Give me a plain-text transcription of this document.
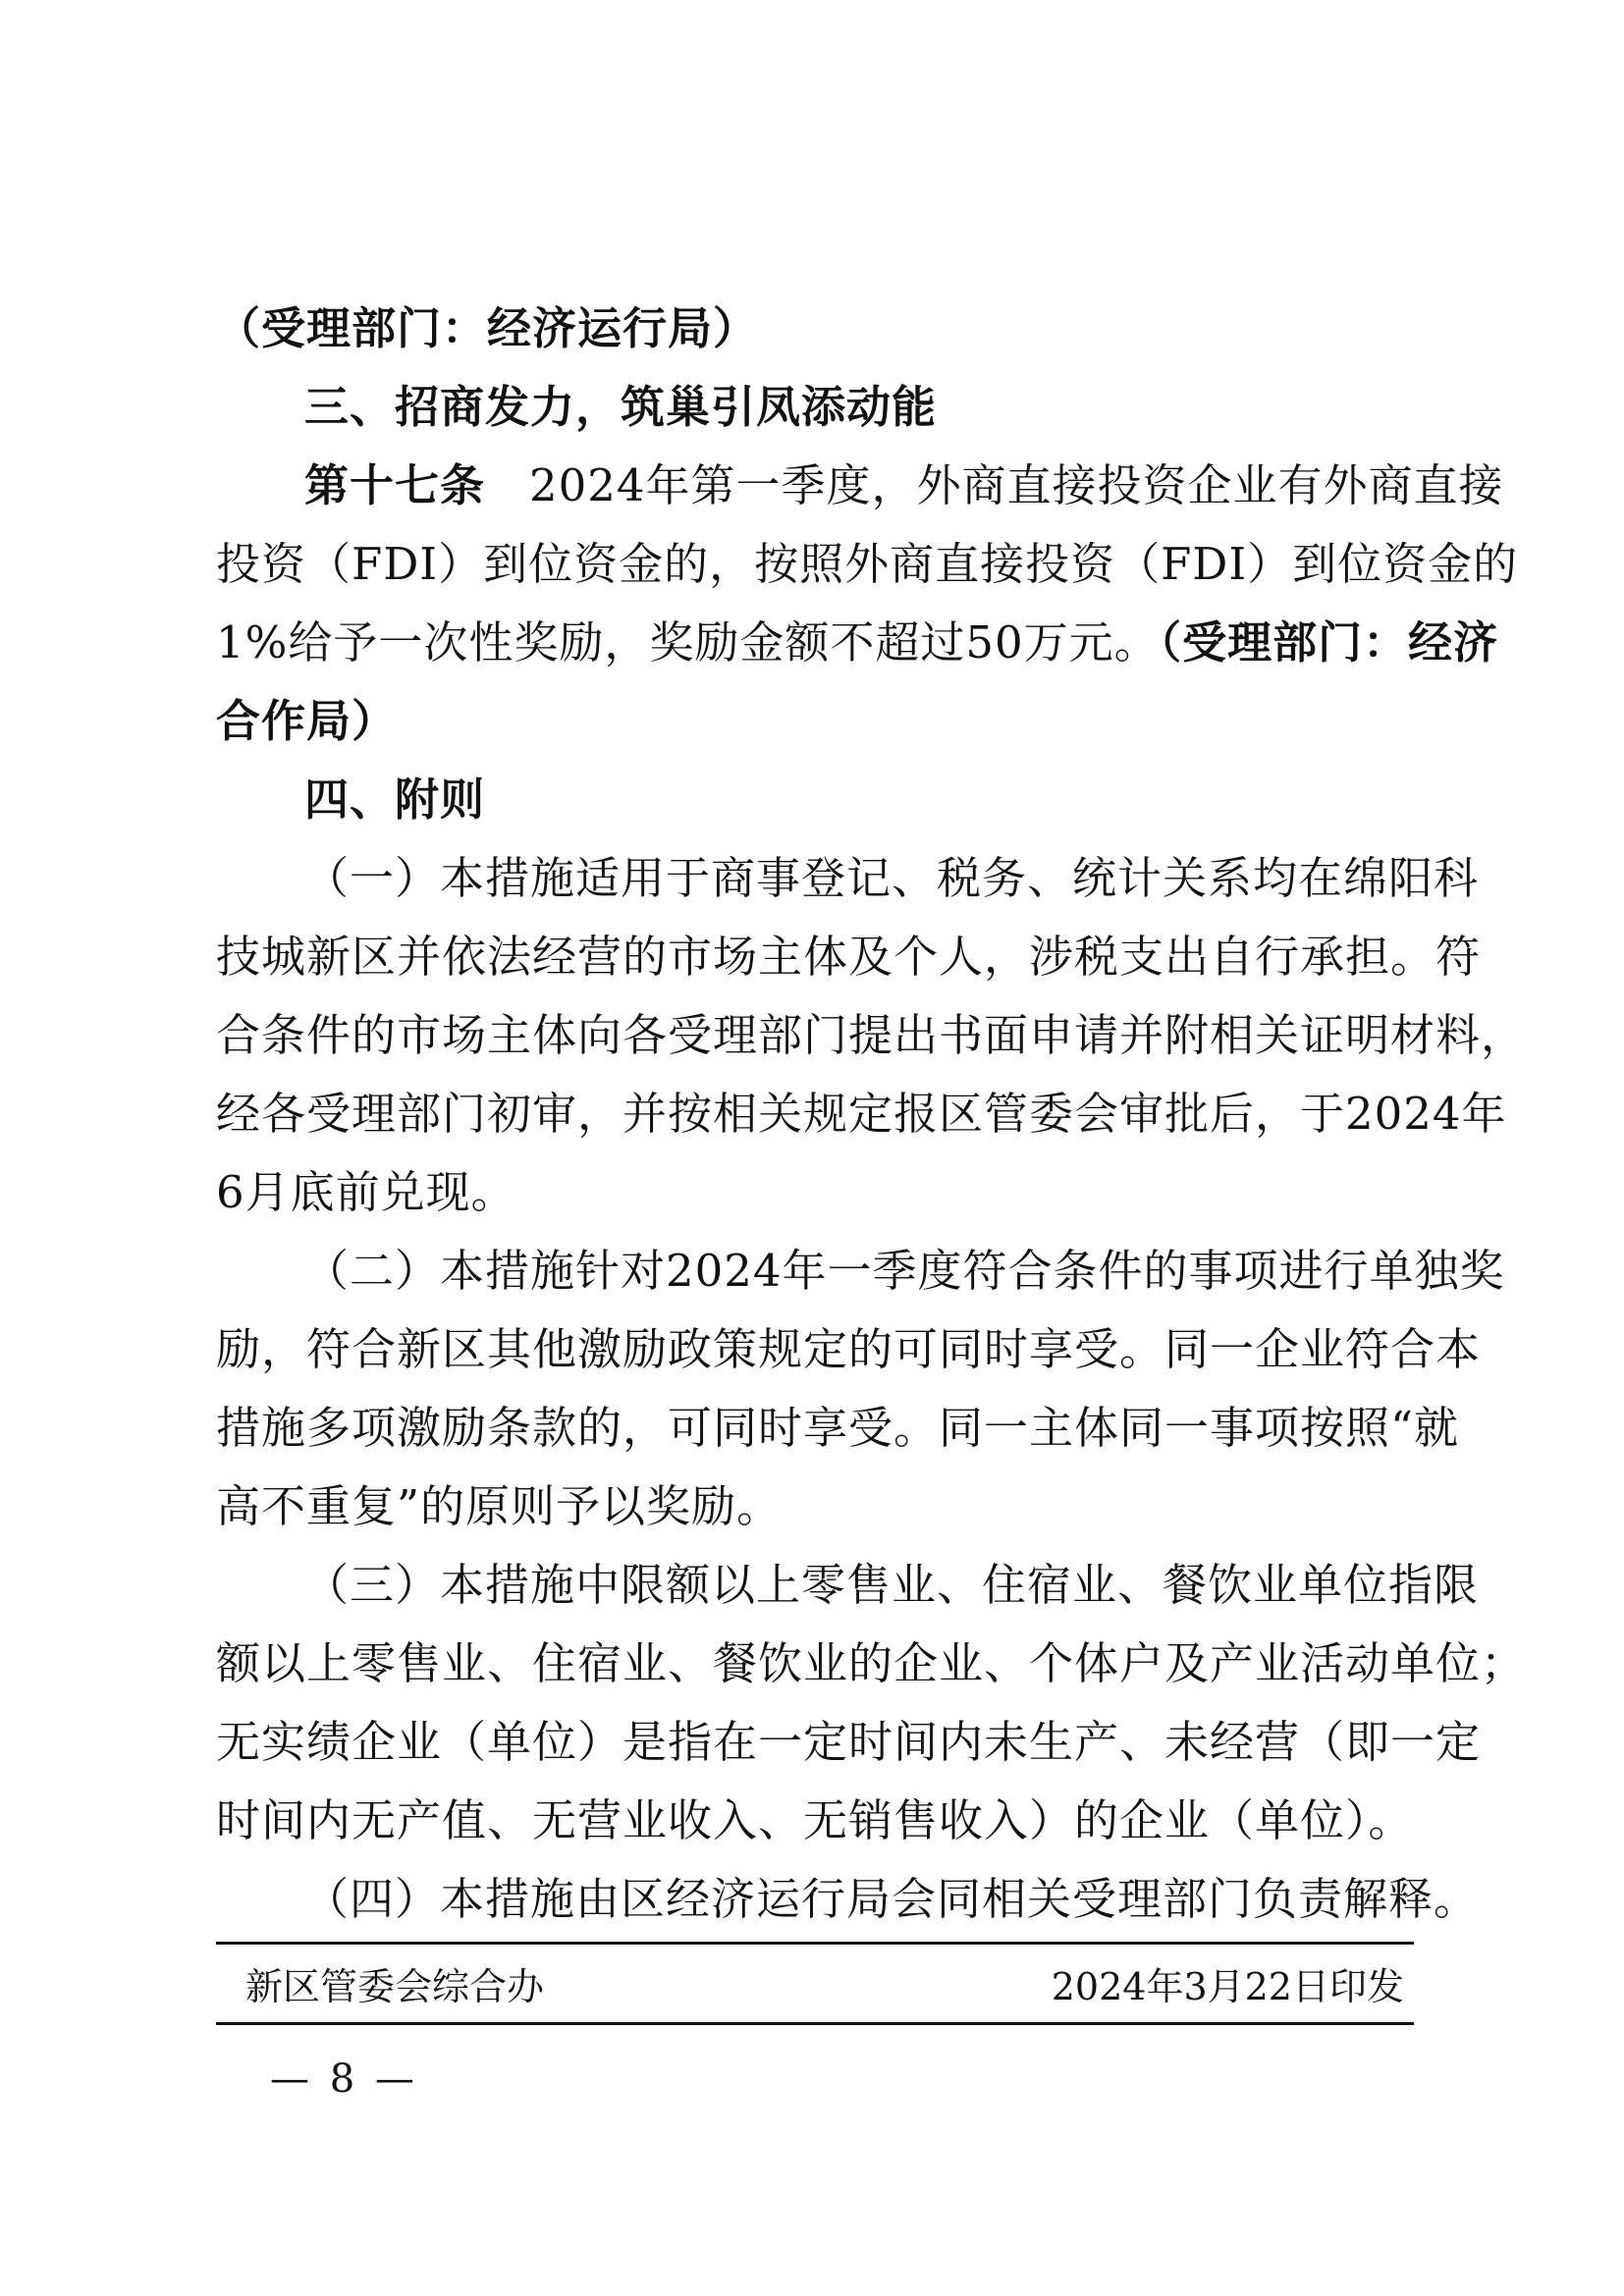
（受理部门：经济运行局）
三、招商发力，筑巢引凤添动能
第十七条 2024年第一季度，外商直接投资企业有外商直接
投资（FDI）到位资金的，按照外商直接投资（FDI）到位资金的
1%给予一次性奖励，奖励金额不超过50万元。（受理部门：经济
合作局）
四、附则
（一）本措施适用于商事登记、税务、统计关系均在绵阳科
技城新区并依法经营的市场主体及个人，涉税支出自行承担。符
合条件的市场主体向各受理部门提出书面申请并附相关证明材料，
经各受理部门初审，并按相关规定报区管委会审批后，于2024年
6月底前兑现。
（二）本措施针对2024年一季度符合条件的事项进行单独奖
励，符合新区其他激励政策规定的可同时享受。同一企业符合本
措施多项激励条款的，可同时享受。同一主体同一事项按照“就
高不重复”的原则予以奖励。
（三）本措施中限额以上零售业、住宿业、餐饮业单位指限
额以上零售业、住宿业、餐饮业的企业、个体户及产业活动单位；
无实绩企业（单位）是指在一定时间内未生产、未经营（即一定
时间内无产值、无营业收入、无销售收入）的企业（单位）。
（四）本措施由区经济运行局会同相关受理部门负责解释。
新区管委会综合办	2024年3月22日印发
— 8 —
